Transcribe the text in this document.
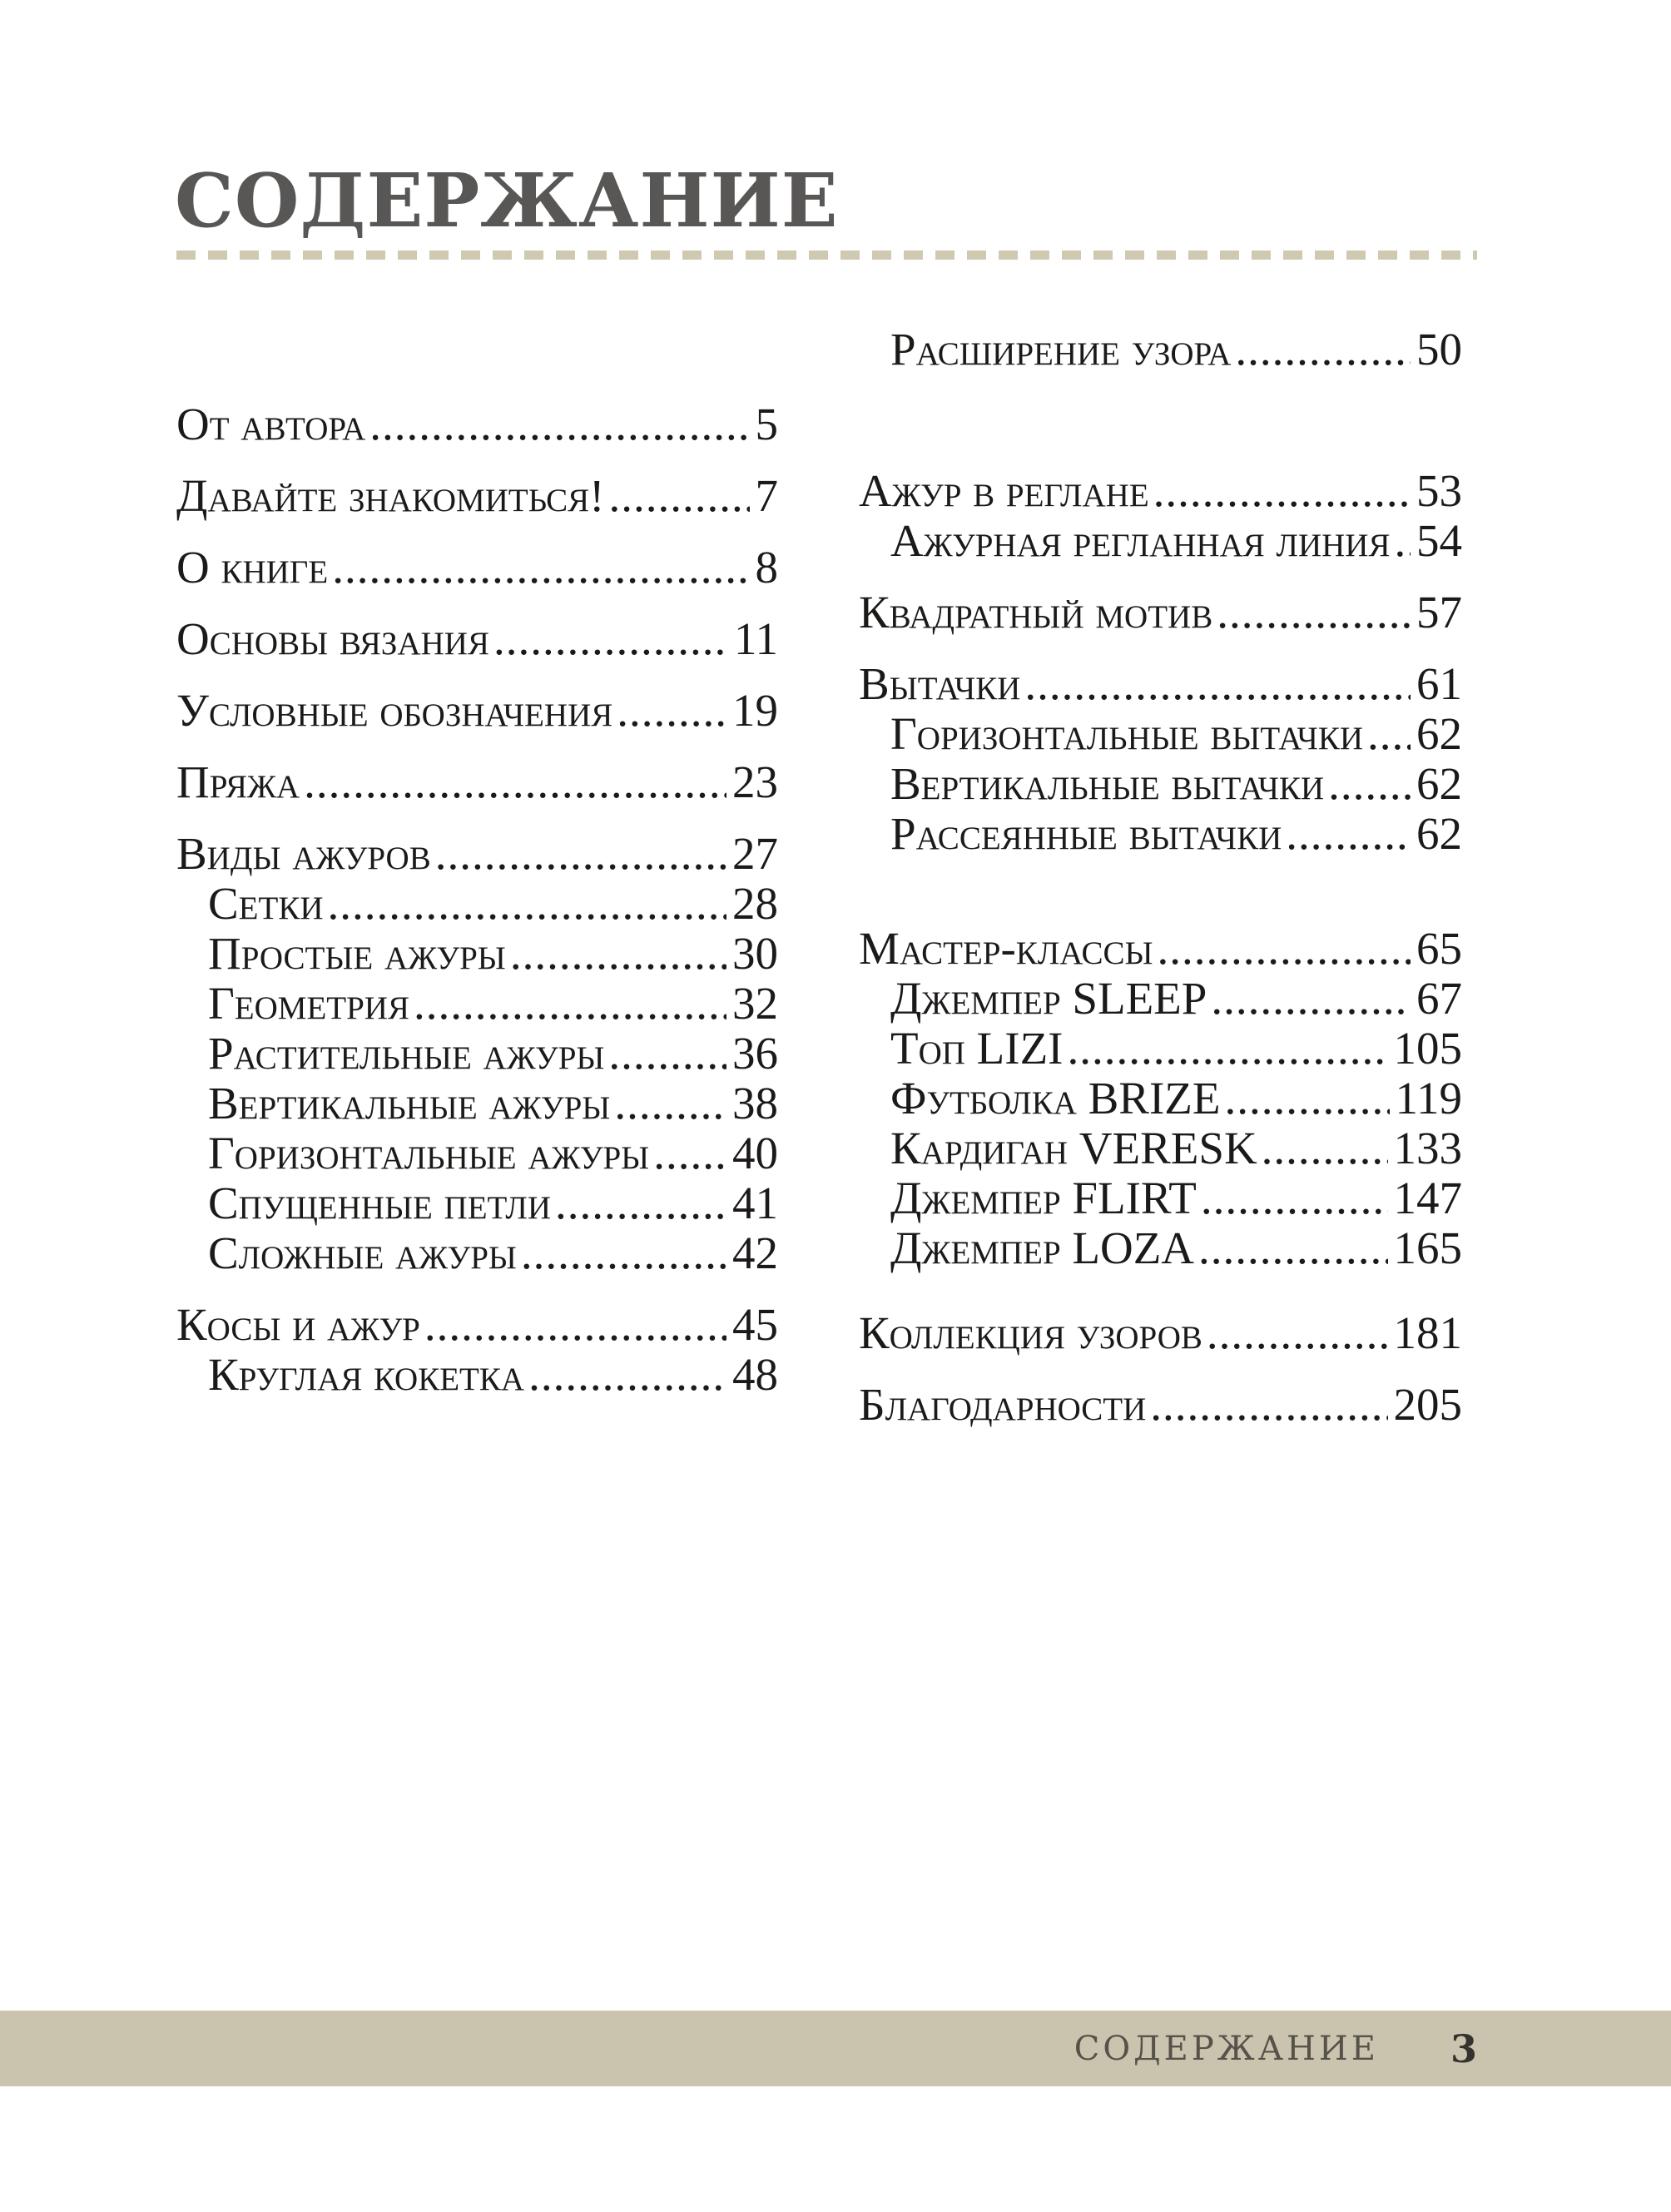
СОДЕРЖАНИЕ
От автора .....	5
Давайте знакомиться! .....	7
О книге .....	8
Основы вязания .....	11
Условные обозначения .....	19
Пряжа .....	23
Виды ажуров .....	27
Сетки .....	28
Простые ажуры .....	30
Геометрия .....	32
Растительные ажуры .....	36
Вертикальные ажуры .....	38
Горизонтальные ажуры ..... 40
Спущенные петли .....	41
Сложные ажуры .....	42
Косы и ажур .....	45
Круглая кокетка .....	48
Расширение узора .....	50
Ажур в реглане .....	53
Ажурная регланная линия ..... 54
Квадратный мотив .....	57
Вытачки .....	61
Горизонтальные вытачки ..... 62
Вертикальные вытачки ..... 62
Рассеянные вытачки .....	62
Мастер-классы .....	65
Джемпер SLEEP .....	67
Топ LIZI .....	105
Футболка BRIZE .....	119
Кардиган VERESK .....	133
Джемпер FLIRT .....	147
Джемпер LOZA .....	165
Коллекция узоров .....	181
Благодарности .....	205
СОДЕРЖАНИЕ 3
